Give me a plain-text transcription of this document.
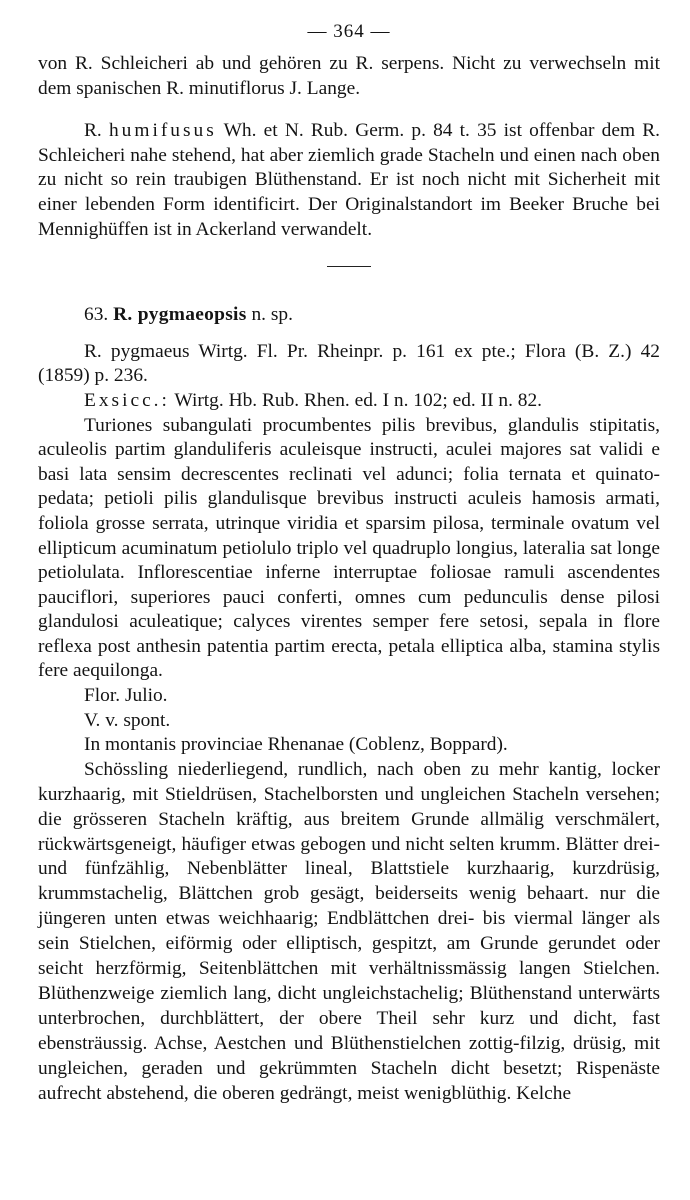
— 364 —

von R. Schleicheri ab und gehören zu R. serpens. Nicht zu verwechseln mit dem spanischen R. minutiflorus J. Lange.

R. humifusus Wh. et N. Rub. Germ. p. 84 t. 35 ist offenbar dem R. Schleicheri nahe stehend, hat aber ziemlich grade Stacheln und einen nach oben zu nicht so rein traubigen Blüthenstand. Er ist noch nicht mit Sicherheit mit einer lebenden Form identificirt. Der Originalstandort im Beeker Bruche bei Mennighüffen ist in Ackerland verwandelt.

63. R. pygmaeopsis n. sp.

R. pygmaeus Wirtg. Fl. Pr. Rheinpr. p. 161 ex pte.; Flora (B. Z.) 42 (1859) p. 236.

Exsicc.: Wirtg. Hb. Rub. Rhen. ed. I n. 102; ed. II n. 82.

Turiones subangulati procumbentes pilis brevibus, glandulis stipitatis, aculeolis partim glanduliferis aculeisque instructi, aculei majores sat validi e basi lata sensim decrescentes reclinati vel adunci; folia ternata et quinato-pedata; petioli pilis glandulisque brevibus instructi aculeis hamosis armati, foliola grosse serrata, utrinque viridia et sparsim pilosa, terminale ovatum vel ellipticum acuminatum petiolulo triplo vel quadruplo longius, lateralia sat longe petiolulata. Inflorescentiae inferne interruptae foliosae ramuli ascendentes pauciflori, superiores pauci conferti, omnes cum pedunculis dense pilosi glandulosi aculeatique; calyces virentes semper fere setosi, sepala in flore reflexa post anthesin patentia partim erecta, petala elliptica alba, stamina stylis fere aequilonga.

Flor. Julio.

V. v. spont.

In montanis provinciae Rhenanae (Coblenz, Boppard).

Schössling niederliegend, rundlich, nach oben zu mehr kantig, locker kurzhaarig, mit Stieldrüsen, Stachelborsten und ungleichen Stacheln versehen; die grösseren Stacheln kräftig, aus breitem Grunde allmälig verschmälert, rückwärtsgeneigt, häufiger etwas gebogen und nicht selten krumm. Blätter drei- und fünfzählig, Nebenblätter lineal, Blattstiele kurzhaarig, kurzdrüsig, krummstachelig, Blättchen grob gesägt, beiderseits wenig behaart. nur die jüngeren unten etwas weichhaarig; Endblättchen drei- bis viermal länger als sein Stielchen, eiförmig oder elliptisch, gespitzt, am Grunde gerundet oder seicht herzförmig, Seitenblättchen mit verhältnissmässig langen Stielchen. Blüthenzweige ziemlich lang, dicht ungleichstachelig; Blüthenstand unterwärts unterbrochen, durchblättert, der obere Theil sehr kurz und dicht, fast ebensträussig. Achse, Aestchen und Blüthenstielchen zottig-filzig, drüsig, mit ungleichen, geraden und gekrümmten Stacheln dicht besetzt; Rispenäste aufrecht abstehend, die oberen gedrängt, meist wenigblüthig. Kelche
